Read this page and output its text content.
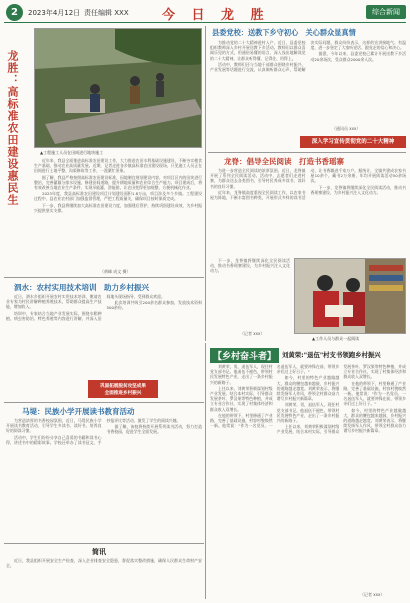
2	2023年4月12日 责任编辑 XXX	今 日 龙 胜	综合新闻
龙胜：高标准农田建设惠民生	▲工程施工人员在田间进行地块施工

近年来，我县全面推进高标准农田建设工作，大力推进农田水利基础设施建设，不断夯实粮食生产基础，推动农业高质量发展。近期，记者走进各乡镇高标准农田建设现场，只见施工人员正在田间进行土地平整、沟渠修筑等工作，一派繁忙景象。

据了解，我县严格按照高标准农田建设标准，因地制宜规划建设内容，对项目区内的田块进行整治，完善灌溉与排水设施，修建田间道路，提升耕地质量和农业综合生产能力。项目建成后，将有效改善当地农业生产条件，实现旱能灌、涝能排，让农田变得更加规整，方便机械化作业。

2023年度，我县高标准农田建设项目计划建设面积1.8万亩，项目涉及多个乡镇。工程建设过程中，县农业农村部门加强监督管理，严把工程质量关，确保项目按时保质完成。

下一步，我县将继续加大高标准农田建设力度，加强建后管护，持续巩固建设成效，为乡村振兴提供坚实支撑。

（黄峰 成文 摄）
县委党校：送教下乡守初心　关心群众显真情

为推动党的二十大精神进村入户，近日，县委党校组织教师深入乡村开展送教下乡活动。教师们以群众喜闻乐见的方式，用通俗易懂的语言，深入浅出地解读党的二十大精神，让群众听得懂、记得住、用得上。

活动中，教师们还与当地干部群众围绕乡村振兴、产业发展等话题进行交流，认真倾听群众心声，帮助解决实际问题。群众纷纷表示，这样的宣讲接地气、有温度，进一步坚定了大家听党话、跟党走的信心和决心。

据悉，今年以来，县委党校已累计开展送教下乡活动20余场次，受众群众2000余人次。

（通讯员 xxx）
深入学习宣传贯彻党的二十大精神
龙脊：倡导全民阅读　打造书香瑶寨

为进一步营造全民阅读的浓厚氛围，近日，龙脊镇开展了系列全民阅读活动。活动中，志愿者们走进村寨，为群众送去各类图书，引导村民养成多读书、读好书的良好习惯。

近年来，龙脊镇高度重视全民阅读工作，以农家书屋为阵地，不断丰富图书种类，开展形式多样的读书活动，让书香飘进千家万户。据统计，全镇共建成农家书屋10余个，藏书2万余册，年均开展阅读活动50余场次。

下一步，龙脊镇将继续深化全民阅读活动，推动书香瑶寨建设，为乡村振兴注入文化动力。

下一步，龙脊镇将继续深化全民阅读活动，推动书香瑶寨建设，为乡村振兴注入文化动力。

（记者 xxx）
▲工作人员与群众一起阅读
泗水：农村实用技术培训　助力乡村振兴

近日，泗水乡组织开展农村实用技术培训，邀请农业专家为村民讲解种植养殖技术，帮助群众提高生产技能，增加收入。

培训中，专家结合当地产业发展实际，围绕水稻种植、病虫害防治、特色养殖等内容进行讲解，并深入田间地头现场指导，受到群众欢迎。

此次培训共吸引200余名群众参加，发放技术资料500余份。

巩固拓展脱贫攻坚成果
全面推进乡村振兴
马堤：民族小学开展读书教育活动

为营造浓厚的书香校园氛围，近日，马堤民族小学开展读书教育活动，引导学生多读书、读好书，培养良好的阅读习惯。

活动中，学生们纷纷分享自己喜爱的书籍和读书心得，讲述书中的精彩故事。学校还举办了读书征文、手抄报评比等活动，激发了学生的阅读兴趣。

据了解，该校将持续开展系列读书活动，努力打造书香校园，促进学生全面发展。

简讯

近日，我县组织开展安全生产检查，深入企业排查安全隐患，督促落实整改措施，确保人民群众生命财产安全。

【乡村奋斗者】 刘黄荣:"退伍"村支书领跑乡村振兴

刘黄荣，男，退伍军人，现任村党支部书记。他退伍不褪色，带领村民发展特色产业，走出了一条乡村振兴的新路子。

上任以来，刘黄荣积极谋划村级产业发展，结合本村实际，引导群众发展茶叶、罗汉果等特色种植，并成立专业合作社，实现了村集体经济和群众收入双增长。

在他的带领下，村里修通了产业路，完善了基础设施，村容村貌焕然一新。他常说："作为一名党员、一名退伍军人，就要冲锋在前，带领乡亲们过上好日子。"

如今，村里的特色产业越做越大，群众的腰包越来越鼓，乡村振兴的道路越走越宽。刘黄荣表示，将继续发扬军人作风，带领全村群众奋力谱写乡村振兴新篇章。

刘黄荣，男，退伍军人，现任村党支部书记。他退伍不褪色，带领村民发展特色产业，走出了一条乡村振兴的新路子。

上任以来，刘黄荣积极谋划村级产业发展，结合本村实际，引导群众发展茶叶、罗汉果等特色种植，并成立专业合作社，实现了村集体经济和群众收入双增长。

在他的带领下，村里修通了产业路，完善了基础设施，村容村貌焕然一新。他常说："作为一名党员、一名退伍军人，就要冲锋在前，带领乡亲们过上好日子。"

如今，村里的特色产业越做越大，群众的腰包越来越鼓，乡村振兴的道路越走越宽。刘黄荣表示，将继续发扬军人作风，带领全村群众奋力谱写乡村振兴新篇章。

（记者 xxx）
